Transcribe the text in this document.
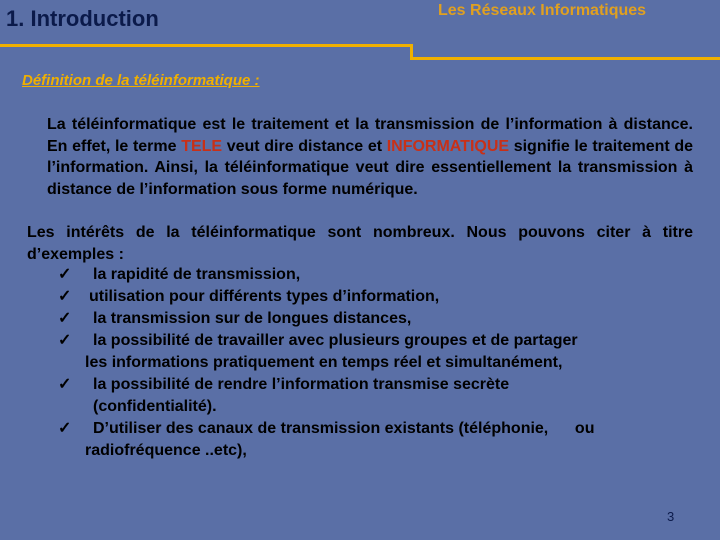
1. Introduction	Les Réseaux Informatiques
Définition de la téléinformatique :
La téléinformatique est le traitement et la transmission de l’information à distance. En effet, le terme TELE veut dire distance et INFORMATIQUE signifie le traitement de l’information. Ainsi, la téléinformatique veut dire essentiellement la transmission à distance de l’information sous forme numérique.
Les intérêts de la téléinformatique sont nombreux. Nous pouvons citer à titre d’exemples :
✓ la rapidité de transmission,
✓ utilisation pour différents types d’information,
✓ la transmission sur de longues distances,
✓ la possibilité de travailler avec plusieurs groupes et de partager
les informations pratiquement en temps réel et simultanément,
✓ la possibilité de rendre l’information transmise secrète
(confidentialité).
✓ D’utiliser des canaux de transmission existants (téléphonie,      ou
radiofréquence ..etc),
3
